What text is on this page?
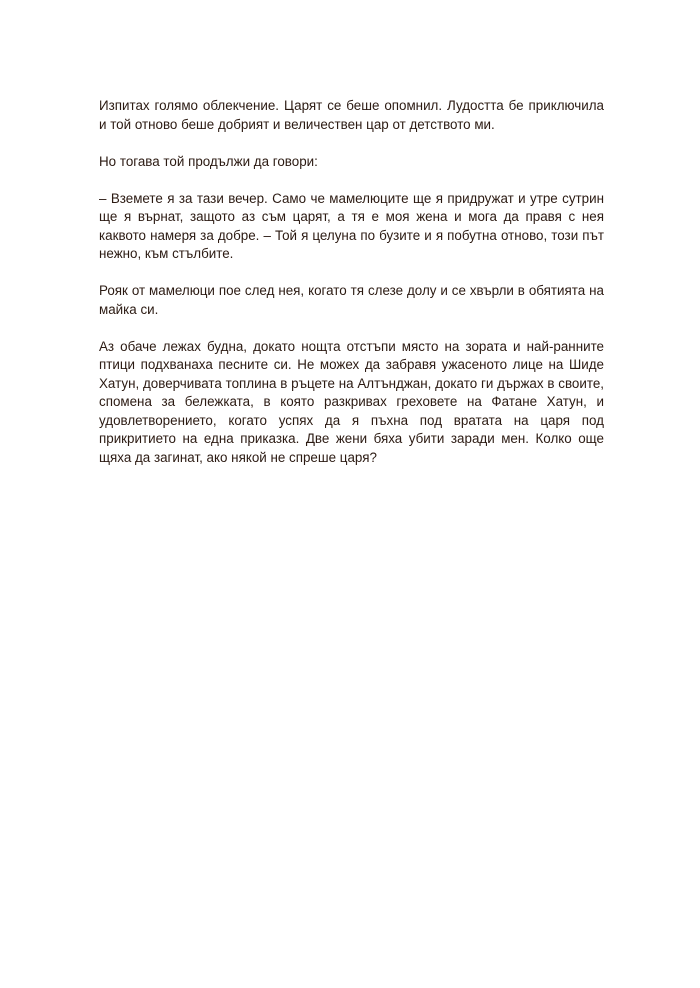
Изпитах голямо облекчение. Царят се беше опомнил. Лудостта бе приключила и той отново беше добрият и величествен цар от детството ми.

Но тогава той продължи да говори:

– Вземете я за тази вечер. Само че мамелюците ще я придружат и утре сутрин ще я върнат, защото аз съм царят, а тя е моя жена и мога да правя с нея каквото намеря за добре. – Той я целуна по бузите и я побутна отново, този път нежно, към стълбите.

Рояк от мамелюци пое след нея, когато тя слезе долу и се хвърли в обятията на майка си.

Аз обаче лежах будна, докато нощта отстъпи място на зората и най-ранните птици подхванаха песните си. Не можех да забравя ужасеното лице на Шиде Хатун, доверчивата топлина в ръцете на Алтънджан, докато ги държах в своите, спомена за бележката, в която разкривах греховете на Фатане Хатун, и удовлетворението, когато успях да я пъхна под вратата на царя под прикритието на една приказка. Две жени бяха убити заради мен. Колко още щяха да загинат, ако някой не спреше царя?
